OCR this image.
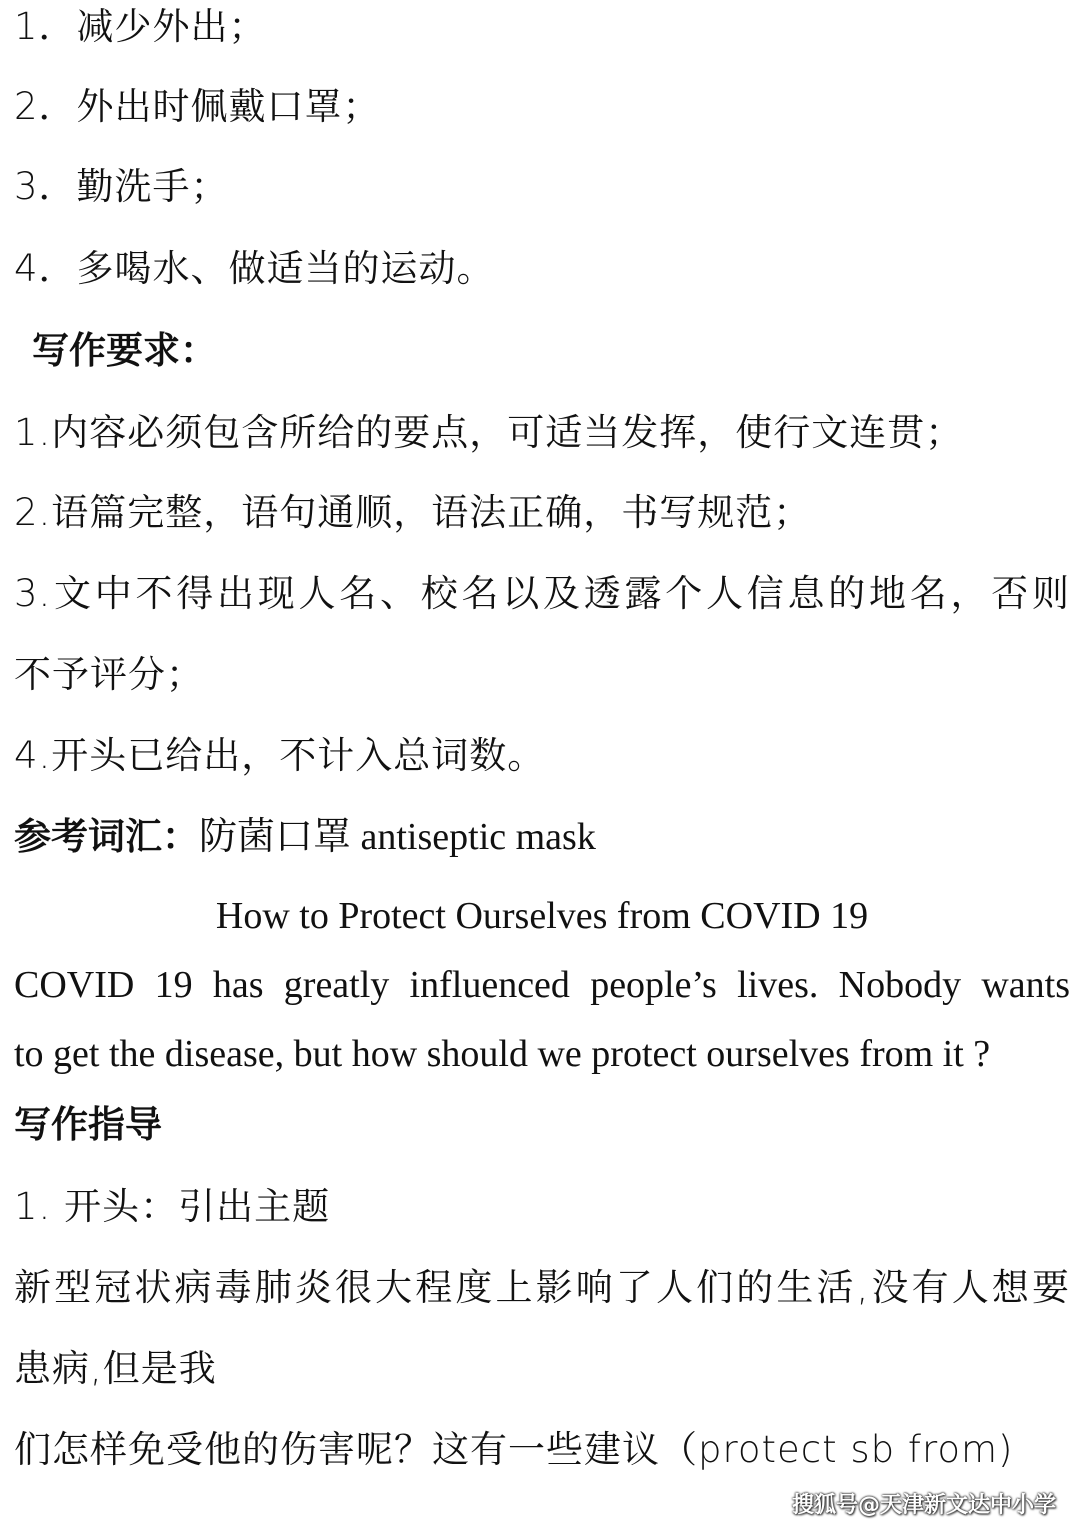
1．减少外出；
2．外出时佩戴口罩；
3．勤洗手；
4．多喝水、做适当的运动。
写作要求：
1.内容必须包含所给的要点，可适当发挥，使行文连贯；
2.语篇完整，语句通顺，语法正确，书写规范；
3.文中不得出现人名、校名以及透露个人信息的地名，否则
不予评分；
4.开头已给出，不计入总词数。
参考词汇：防菌口罩 antiseptic mask
How to Protect Ourselves from COVID 19
COVID 19 has greatly influenced people’s lives. Nobody wants
to get the disease, but how should we protect ourselves from it ?
写作指导
1. 开头：引出主题
新型冠状病毒肺炎很大程度上影响了人们的生活,没有人想要
患病,但是我
们怎样免受他的伤害呢？这有一些建议（protect sb from)
搜狐号@天津新文达中小学
